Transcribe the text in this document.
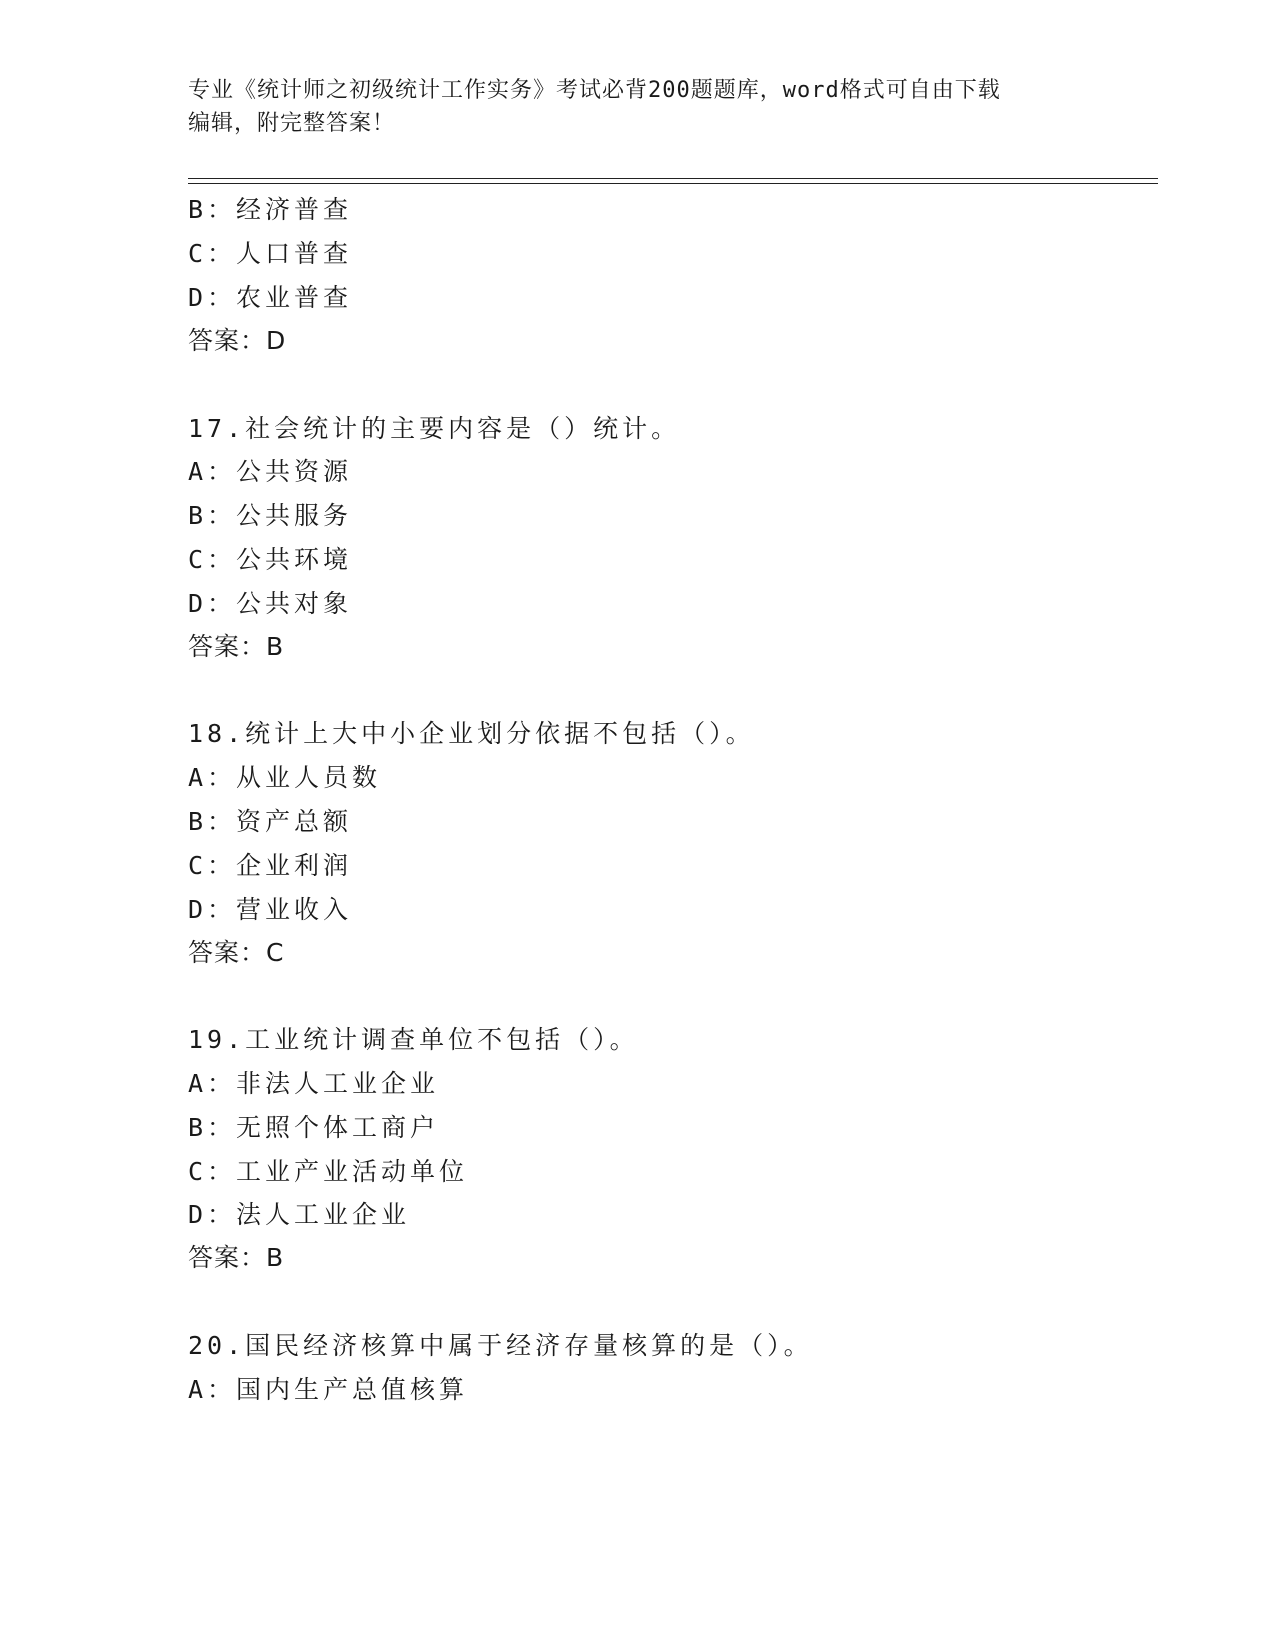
专业《统计师之初级统计工作实务》考试必背200题题库，word格式可自由下载
编辑，附完整答案！
B：经济普查
C：人口普查
D：农业普查
答案：D
17.社会统计的主要内容是（）统计。
A：公共资源
B：公共服务
C：公共环境
D：公共对象
答案：B
18.统计上大中小企业划分依据不包括（）。
A：从业人员数
B：资产总额
C：企业利润
D：营业收入
答案：C
19.工业统计调查单位不包括（）。
A：非法人工业企业
B：无照个体工商户
C：工业产业活动单位
D：法人工业企业
答案：B
20.国民经济核算中属于经济存量核算的是（）。
A：国内生产总值核算
